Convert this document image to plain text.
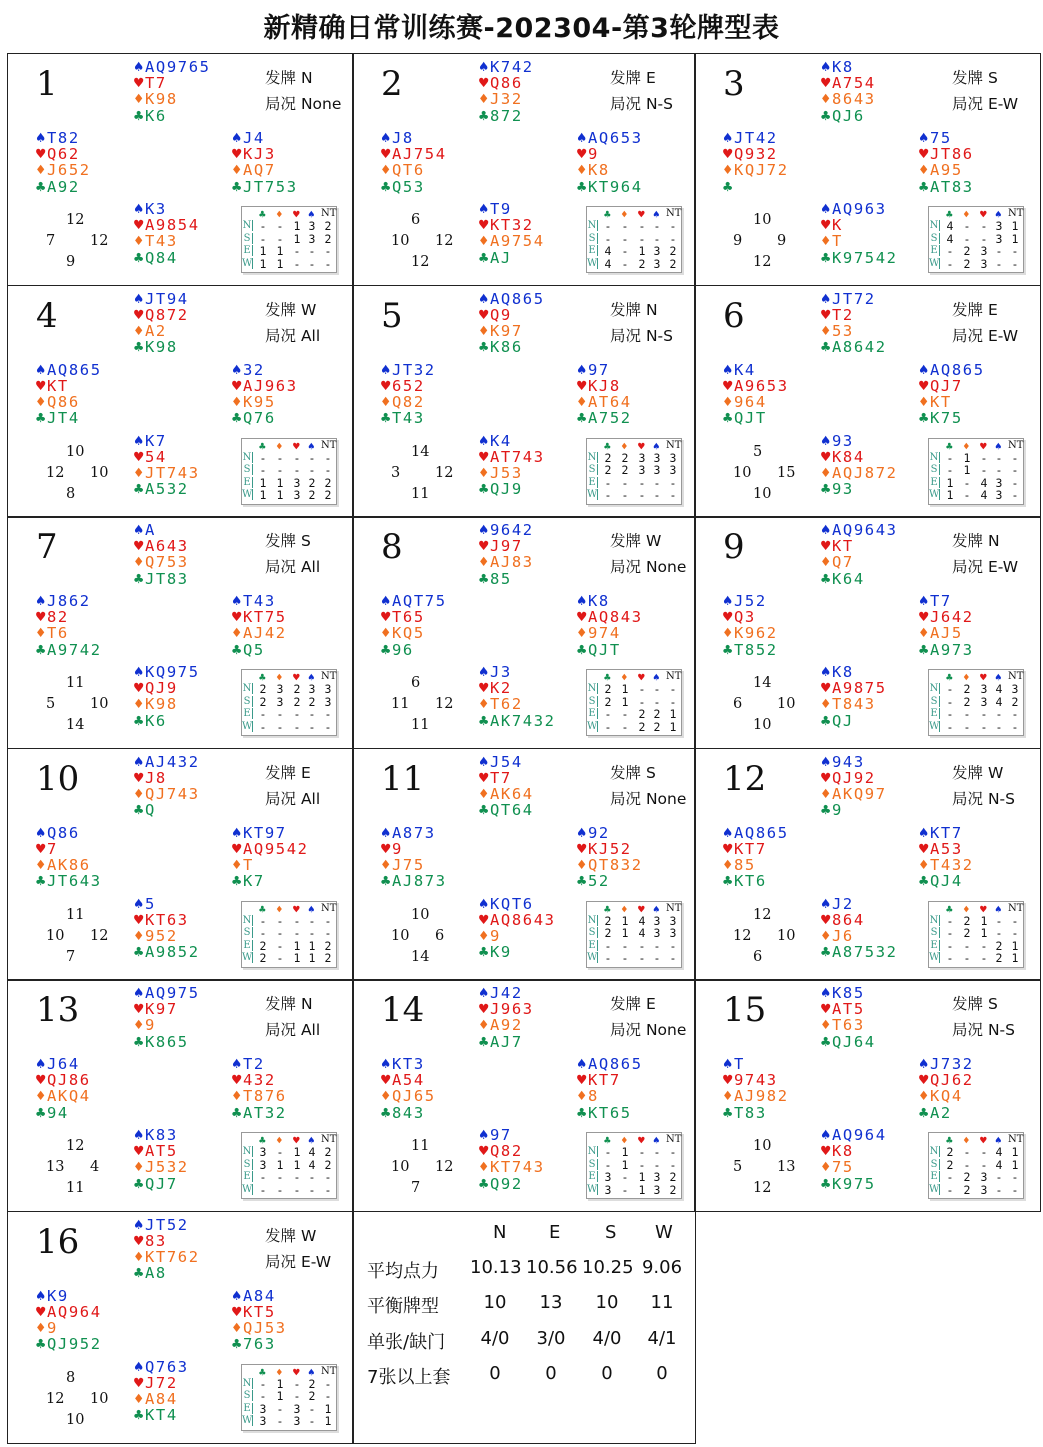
新精确日常训练赛-202304-第3轮牌型表
1	♠ AQ9765
♥ T7
♦ K98
♣ K6
♠ T82
♥ Q62
♦ J652
♣ A92
♠ J4
♥ KJ3
♦ AQ7
♣ JT753
♠ K3
♥ A9854
♦ T43
♣ Q84
发牌 N
局况 None
12
7 12
9
♣ ♦ ♥ ♠ NT
N - - 1 3 2
S - - 1 3 2
E 1 1 - - -
W 1 1 - - -
2	♠ K742
♥ Q86
♦ J32
♣ 872
♠ J8
♥ AJ754
♦ QT6
♣ Q53
♠ AQ653
♥ 9
♦ K8
♣ KT964
♠ T9
♥ KT32
♦ A9754
♣ AJ
发牌 E
局况 N-S
6
10 12
12
♣ ♦ ♥ ♠ NT
N - - - - -
S - - - - -
E 4 - 1 3 2
W 4 - 2 3 2
3	♠ K8
♥ A754
♦ 8643
♣ QJ6
♠ JT42
♥ Q932
♦ KQJ72
♣
♠ 75
♥ JT86
♦ A95
♣ AT83
♠ AQ963
♥ K
♦ T
♣ K97542
发牌 S
局况 E-W
10
9 9
12
♣ ♦ ♥ ♠ NT
N 4 - - 3 1
S 4 - - 3 1
E - 2 3 - -
W - 2 3 - -
4	♠ JT94
♥ Q872
♦ A2
♣ K98
♠ AQ865
♥ KT
♦ Q86
♣ JT4
♠ 32
♥ AJ963
♦ K95
♣ Q76
♠ K7
♥ 54
♦ JT743
♣ A532
发牌 W
局况 All
10
12 10
8
♣ ♦ ♥ ♠ NT
N - - - - -
S - - - - -
E 1 1 3 2 2
W 1 1 3 2 2
5	♠ AQ865
♥ Q9
♦ K97
♣ K86
♠ JT32
♥ 652
♦ Q82
♣ T43
♠ 97
♥ KJ8
♦ AT64
♣ A752
♠ K4
♥ AT743
♦ J53
♣ QJ9
发牌 N
局况 N-S
14
3 12
11
♣ ♦ ♥ ♠ NT
N 2 2 3 3 3
S 2 2 3 3 3
E - - - - -
W - - - - -
6	♠ JT72
♥ T2
♦ 53
♣ A8642
♠ K4
♥ A9653
♦ 964
♣ QJT
♠ AQ865
♥ QJ7
♦ KT
♣ K75
♠ 93
♥ K84
♦ AQJ872
♣ 93
发牌 E
局况 E-W
5
10 15
10
♣ ♦ ♥ ♠ NT
N - 1 - - -
S - 1 - - -
E 1 - 4 3 -
W 1 - 4 3 -
7	♠ A
♥ A643
♦ Q753
♣ JT83
♠ J862
♥ 82
♦ T6
♣ A9742
♠ T43
♥ KT75
♦ AJ42
♣ Q5
♠ KQ975
♥ QJ9
♦ K98
♣ K6
发牌 S
局况 All
11
5 10
14
♣ ♦ ♥ ♠ NT
N 2 3 2 3 3
S 2 3 2 2 3
E - - - - -
W - - - - -
8	♠ 9642
♥ J97
♦ AJ83
♣ 85
♠ AQT75
♥ T65
♦ KQ5
♣ 96
♠ K8
♥ AQ843
♦ 974
♣ QJT
♠ J3
♥ K2
♦ T62
♣ AK7432
发牌 W
局况 None
6
11 12
11
♣ ♦ ♥ ♠ NT
N 2 1 - - -
S 2 1 - - -
E - - 2 2 1
W - - 2 2 1
9	♠ AQ9643
♥ KT
♦ Q7
♣ K64
♠ J52
♥ Q3
♦ K962
♣ T852
♠ T7
♥ J642
♦ AJ5
♣ A973
♠ K8
♥ A9875
♦ T843
♣ QJ
发牌 N
局况 E-W
14
6 10
10
♣ ♦ ♥ ♠ NT
N - 2 3 4 3
S - 2 3 4 2
E - - - - -
W - - - - -
10	♠ AJ432
♥ J8
♦ QJ743
♣ Q
♠ Q86
♥ 7
♦ AK86
♣ JT643
♠ KT97
♥ AQ9542
♦ T
♣ K7
♠ 5
♥ KT63
♦ 952
♣ A9852
发牌 E
局况 All
11
10 12
7
♣ ♦ ♥ ♠ NT
N - - - - -
S - - - - -
E 2 - 1 1 2
W 2 - 1 1 2
11	♠ J54
♥ T7
♦ AK64
♣ QT64
♠ A873
♥ 9
♦ J75
♣ AJ873
♠ 92
♥ KJ52
♦ QT832
♣ 52
♠ KQT6
♥ AQ8643
♦ 9
♣ K9
发牌 S
局况 None
10
10 6
14
♣ ♦ ♥ ♠ NT
N 2 1 4 3 3
S 2 1 4 3 3
E - - - - -
W - - - - -
12	♠ 943
♥ QJ92
♦ AKQ97
♣ 9
♠ AQ865
♥ KT7
♦ 85
♣ KT6
♠ KT7
♥ A53
♦ T432
♣ QJ4
♠ J2
♥ 864
♦ J6
♣ A87532
发牌 W
局况 N-S
12
12 10
6
♣ ♦ ♥ ♠ NT
N - 2 1 - -
S - 2 1 - -
E - - - 2 1
W - - - 2 1
13	♠ AQ975
♥ K97
♦ 9
♣ K865
♠ J64
♥ QJ86
♦ AKQ4
♣ 94
♠ T2
♥ 432
♦ T876
♣ AT32
♠ K83
♥ AT5
♦ J532
♣ QJ7
发牌 N
局况 All
12
13 4
11
♣ ♦ ♥ ♠ NT
N 3 - 1 4 2
S 3 1 1 4 2
E - - - - -
W - - - - -
14	♠ J42
♥ J963
♦ A92
♣ AJ7
♠ KT3
♥ A54
♦ QJ65
♣ 843
♠ AQ865
♥ KT7
♦ 8
♣ KT65
♠ 97
♥ Q82
♦ KT743
♣ Q92
发牌 E
局况 None
11
10 12
7
♣ ♦ ♥ ♠ NT
N - 1 - - -
S - 1 - - -
E 3 - 1 3 2
W 3 - 1 3 2
15	♠ K85
♥ AT5
♦ T63
♣ QJ64
♠ T
♥ 9743
♦ AJ982
♣ T83
♠ J732
♥ QJ62
♦ KQ4
♣ A2
♠ AQ964
♥ K8
♦ 75
♣ K975
发牌 S
局况 N-S
10
5 13
12
♣ ♦ ♥ ♠ NT
N 2 - - 4 1
S 2 - - 4 1
E - 2 3 - -
W - 2 3 - -
16	♠ JT52
♥ 83
♦ KT762
♣ A8
♠ K9
♥ AQ964
♦ 9
♣ QJ952
♠ A84
♥ KT5
♦ QJ53
♣ 763
♠ Q763
♥ J72
♦ A84
♣ KT4
发牌 W
局况 E-W
8
12 10
10
♣ ♦ ♥ ♠ NT
N - 1 - 2 -
S - 1 - 2 -
E 3 - 3 - 1
W 3 - 3 - 1
N E S W
平均点力 10.13 10.56 10.25 9.06
平衡牌型	10	13	10	11
单张/缺门	4/0	3/0	4/0	4/1
7张以上套	0	0	0	0
